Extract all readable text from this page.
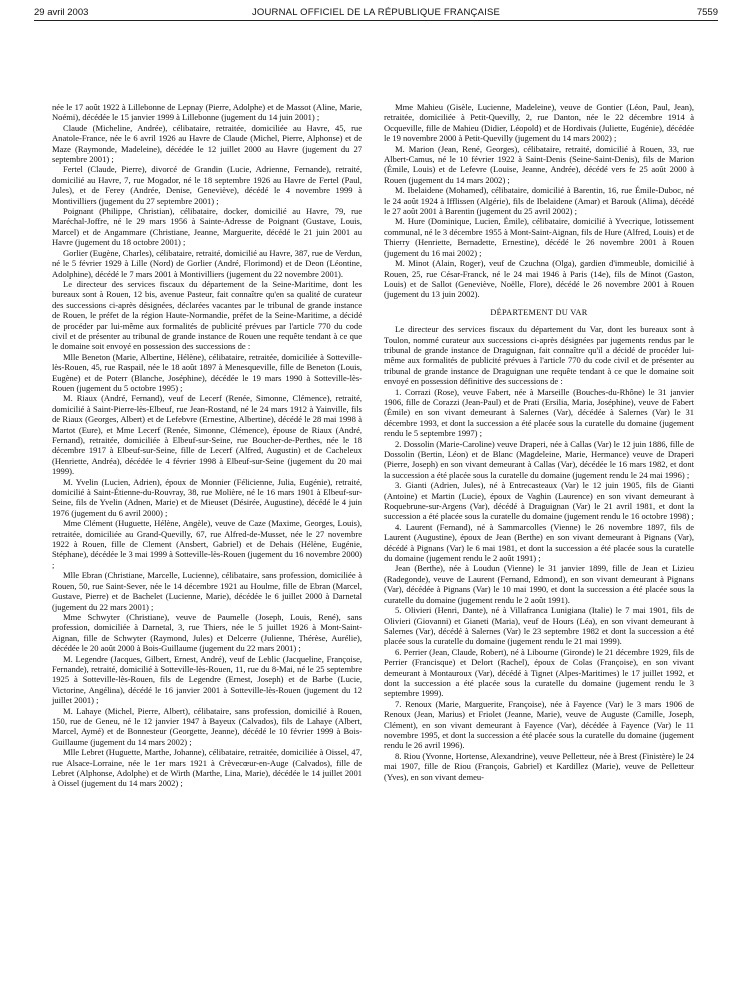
29 avril 2003	JOURNAL OFFICIEL DE LA RÉPUBLIQUE FRANÇAISE	7559

née le 17 août 1922 à Lillebonne de Lepnay (Pierre, Adolphe) et de Massot (Aline, Marie, Noémi), décédée le 15 janvier 1999 à Lillebonne (jugement du 14 juin 2001) ;

Claude (Micheline, Andrée), célibataire, retraitée, domiciliée au Havre, 45, rue Anatole-France, née le 6 avril 1926 au Havre de Claude (Michel, Pierre, Alphonse) et de Maze (Raymonde, Madeleine), décédée le 12 juillet 2000 au Havre (jugement du 27 septembre 2001) ;

Fertel (Claude, Pierre), divorcé de Grandin (Lucie, Adrienne, Fernande), retraité, domicilié au Havre, 7, rue Mogador, né le 18 septembre 1926 au Havre de Fertel (Paul, Jules), et de Ferey (Andrée, Denise, Geneviève), décédé le 4 novembre 1999 à Montivilliers (jugement du 27 septembre 2001) ;

Poignant (Philippe, Christian), célibataire, docker, domicilié au Havre, 79, rue Maréchal-Joffre, né le 29 mars 1956 à Sainte-Adresse de Poignant (Gustave, Louis, Marcel) et de Angammare (Christiane, Jeanne, Marguerite, décédé le 21 juin 2001 au Havre (jugement du 18 octobre 2001) ;

Gorlier (Eugène, Charles), célibataire, retraité, domicilié au Havre, 387, rue de Verdun, né le 5 février 1929 à Lille (Nord) de Gorlier (André, Florimond) et de Deon (Léontine, Adolphine), décédé le 7 mars 2001 à Montivilliers (jugement du 22 novembre 2001).

Le directeur des services fiscaux du département de la Seine-Maritime, dont les bureaux sont à Rouen, 12 bis, avenue Pasteur, fait connaître qu'en sa qualité de curateur des successions ci-après désignées, déclarées vacantes par le tribunal de grande instance de Rouen, le préfet de la région Haute-Normandie, préfet de la Seine-Maritime, a décidé de procéder par lui-même aux formalités de publicité prévues par l'article 770 du code civil et de présenter au tribunal de grande instance de Rouen une requête tendant à ce que le domaine soit envoyé en possession des successions de :

Mlle Beneton (Marie, Albertine, Hélène), célibataire, retraitée, domiciliée à Sotteville-lès-Rouen, 45, rue Raspail, née le 18 août 1897 à Menesqueville, fille de Beneton (Louis, Eugène) et de Poterr (Blanche, Joséphine), décédée le 19 mars 1990 à Sotteville-lès-Rouen (jugement du 5 octobre 1995) ;

M. Riaux (André, Fernand), veuf de Lecerf (Renée, Simonne, Clémence), retraité, domicilié à Saint-Pierre-lès-Elbeuf, rue Jean-Rostand, né le 24 mars 1912 à Yainville, fils de Riaux (Georges, Albert) et de Lefebvre (Ernestine, Albertine), décédé le 28 mai 1998 à Martot (Eure), et Mme Lecerf (Renée, Simonne, Clémence), épouse de Riaux (André, Fernand), retraitée, domiciliée à Elbeuf-sur-Seine, rue Boucher-de-Perthes, née le 18 décembre 1917 à Elbeuf-sur-Seine, fille de Lecerf (Alfred, Augustin) et de Cacheleux (Henriette, Andréa), décédée le 4 février 1998 à Elbeuf-sur-Seine (jugement du 20 mai 1999).

M. Yvelin (Lucien, Adrien), époux de Monnier (Félicienne, Julia, Eugénie), retraité, domicilié à Saint-Étienne-du-Rouvray, 38, rue Molière, né le 16 mars 1901 à Elbeuf-sur-Seine, fils de Yvelin (Adnen, Marie) et de Mieuset (Désirée, Augustine), décédé le 4 juin 1976 (jugement du 6 avril 2000) ;

Mme Clément (Huguette, Hélène, Angèle), veuve de Caze (Maxime, Georges, Louis), retraitée, domiciliée au Grand-Quevilly, 67, rue Alfred-de-Musset, née le 27 novembre 1922 à Rouen, fille de Clement (Ansbert, Gabriel) et de Dehais (Hélène, Eugénie, Stéphane), décédée le 3 mai 1999 à Sotteville-lès-Rouen (jugement du 16 novembre 2000) ;

Mlle Ebran (Christiane, Marcelle, Lucienne), célibataire, sans profession, domiciliée à Rouen, 50, rue Saint-Sever, née le 14 décembre 1921 au Houlme, fille de Ebran (Marcel, Gustave, Pierre) et de Bachelet (Lucienne, Marie), décédée le 6 juillet 2000 à Darnetal (jugement du 22 mars 2001) ;

Mme Schwyter (Christiane), veuve de Paumelle (Joseph, Louis, René), sans profession, domiciliée à Darnetal, 3, rue Thiers, née le 5 juillet 1926 à Mont-Saint-Aignan, fille de Schwyter (Raymond, Jules) et Delcerre (Julienne, Thérèse, Aurélie), décédée le 20 août 2000 à Bois-Guillaume (jugement du 22 mars 2001) ;

M. Legendre (Jacques, Gilbert, Ernest, André), veuf de Leblic (Jacqueline, Françoise, Fernande), retraité, domicilié à Sotteville-lès-Rouen, 11, rue du 8-Mai, né le 25 septembre 1925 à Sotteville-lès-Rouen, fils de Legendre (Ernest, Joseph) et de Barbe (Lucie, Victorine, Angélina), décédé le 16 janvier 2001 à Sotteville-lès-Rouen (jugement du 12 juillet 2001) ;

M. Lahaye (Michel, Pierre, Albert), célibataire, sans profession, domicilié à Rouen, 150, rue de Geneu, né le 12 janvier 1947 à Bayeux (Calvados), fils de Lahaye (Albert, Marcel, Aymé) et de Bonnesteur (Georgette, Jeanne), décédé le 10 février 1999 à Bois-Guillaume (jugement du 14 mars 2002) ;

Mlle Lebret (Huguette, Marthe, Johanne), célibataire, retraitée, domiciliée à Oissel, 47, rue Alsace-Lorraine, née le 1er mars 1921 à Crèvecœur-en-Auge (Calvados), fille de Lebret (Alphonse, Adolphe) et de Wirth (Marthe, Lina, Marie), décédée le 14 juillet 2001 à Oissel (jugement du 14 mars 2002) ;

Mme Mahieu (Gisèle, Lucienne, Madeleine), veuve de Gontier (Léon, Paul, Jean), retraitée, domiciliée à Petit-Quevilly, 2, rue Danton, née le 22 décembre 1914 à Ocqueville, fille de Mahieu (Didier, Léopold) et de Hordivais (Juliette, Eugénie), décédée le 19 novembre 2000 à Petit-Quevilly (jugement du 14 mars 2002) ;

M. Marion (Jean, René, Georges), célibataire, retraité, domicilié à Rouen, 33, rue Albert-Camus, né le 10 février 1922 à Saint-Denis (Seine-Saint-Denis), fils de Marion (Émile, Louis) et de Lefevre (Louise, Jeanne, Andrée), décédé vers fe 25 août 2000 à Rouen (jugement du 14 mars 2002) ;

M. Ibelaidene (Mohamed), célibataire, domicilié à Barentin, 16, rue Émile-Duboc, né le 24 août 1924 à Ifflissen (Algérie), fils de Ibelaidene (Amar) et Barouk (Alima), décédé le 27 août 2001 à Barentin (jugement du 25 avril 2002) ;

M. Hure (Dominique, Lucien, Émile), célibataire, domicilié à Yvecrique, lotissement communal, né le 3 décembre 1955 à Mont-Saint-Aignan, fils de Hure (Alfred, Louis) et de Thierry (Henriette, Bernadette, Ernestine), décédé le 26 novembre 2001 à Rouen (jugement du 16 mai 2002) ;

M. Minot (Alain, Roger), veuf de Czuchna (Olga), gardien d'immeuble, domicilié à Rouen, 25, rue César-Franck, né le 24 mai 1946 à Paris (14e), fils de Minot (Gaston, Louis) et de Sallot (Geneviève, Noëlle, Flore), décédé le 26 novembre 2001 à Rouen (jugement du 13 juin 2002).

DÉPARTEMENT DU VAR

Le directeur des services fiscaux du département du Var, dont les bureaux sont à Toulon, nommé curateur aux successions ci-après désignées par jugements rendus par le tribunal de grande instance de Draguignan, fait connaître qu'il a décidé de procéder lui-même aux formalités de publicité prévues à l'article 770 du code civil et de présenter au tribunal de grande instance de Draguignan une requête tendant à ce que le domaine soit envoyé en possession définitive des successions de :

1. Corrazi (Rose), veuve Fabert, née à Marseille (Bouches-du-Rhône) le 31 janvier 1906, fille de Corazzi (Jean-Paul) et de Prati (Ersilia, Maria, Joséphine), veuve de Fabert (Émile) en son vivant demeurant à Salernes (Var), décédée à Salernes (Var) le 31 décembre 1993, et dont la succession a été placée sous la curatelle du domaine (jugement rendu le 5 septembre 1997) ;

2. Dossolin (Marie-Caroline) veuve Draperi, née à Callas (Var) le 12 juin 1886, fille de Dossolin (Bertin, Léon) et de Blanc (Magdeleine, Marie, Hermance) veuve de Draperi (Pierre, Joseph) en son vivant demeurant à Callas (Var), décédée le 16 mars 1982, et dont la succession a été placée sous la curatelle du domaine (jugement rendu le 24 mai 1996) ;

3. Gianti (Adrien, Jules), né à Entrecasteaux (Var) le 12 juin 1905, fils de Gianti (Antoine) et Martin (Lucie), époux de Vaghin (Laurence) en son vivant demeurant à Roquebrune-sur-Argens (Var), décédé à Draguignan (Var) le 21 avril 1981, et dont la succession a été placée sous la curatelle du domaine (jugement rendu le 16 octobre 1998) ;

4. Laurent (Fernand), né à Sammarcolles (Vienne) le 26 novembre 1897, fils de Laurent (Augustine), époux de Jean (Berthe) en son vivant demeurant à Pignans (Var), décédé à Pignans (Var) le 6 mai 1981, et dont la succession a été placée sous la curatelle du domaine (jugement rendu le 2 août 1991) ;

Jean (Berthe), née à Loudun (Vienne) le 31 janvier 1899, fille de Jean et Lizieu (Radegonde), veuve de Laurent (Fernand, Edmond), en son vivant demeurant à Pignans (Var), décédée à Pignans (Var) le 10 mai 1990, et dont la succession a été placée sous la curatelle du domaine (jugement rendu le 2 août 1991).

5. Olivieri (Henri, Dante), né à Villafranca Lunigiana (Italie) le 7 mai 1901, fils de Olivieri (Giovanni) et Gianeti (Maria), veuf de Hours (Léa), en son vivant demeurant à Salernes (Var), décédé à Salernes (Var) le 23 septembre 1982 et dont la succession a été placée sous la curatelle du domaine (jugement rendu le 21 mai 1999).

6. Perrier (Jean, Claude, Robert), né à Libourne (Gironde) le 21 décembre 1929, fils de Perrier (Francisque) et Delort (Rachel), époux de Colas (Françoise), en son vivant demeurant à Montauroux (Var), décédé à Tignet (Alpes-Maritimes) le 17 juillet 1992, et dont la succession a été placée sous la curatelle du domaine (jugement rendu le 3 septembre 1999).

7. Renoux (Marie, Marguerite, Françoise), née à Fayence (Var) le 3 mars 1906 de Renoux (Jean, Marius) et Friolet (Jeanne, Marie), veuve de Auguste (Camille, Joseph, Clément), en son vivant demeurant à Fayence (Var), décédée à Fayence (Var) le 11 novembre 1995, et dont la succession a été placée sous la curatelle du domaine (jugement rendu le 26 avril 1996).

8. Riou (Yvonne, Hortense, Alexandrine), veuve Pelletteur, née à Brest (Finistère) le 24 mai 1907, fille de Riou (François, Gabriel) et Kardillez (Marie), veuve de Pelletteur (Yves), en son vivant demeu-
